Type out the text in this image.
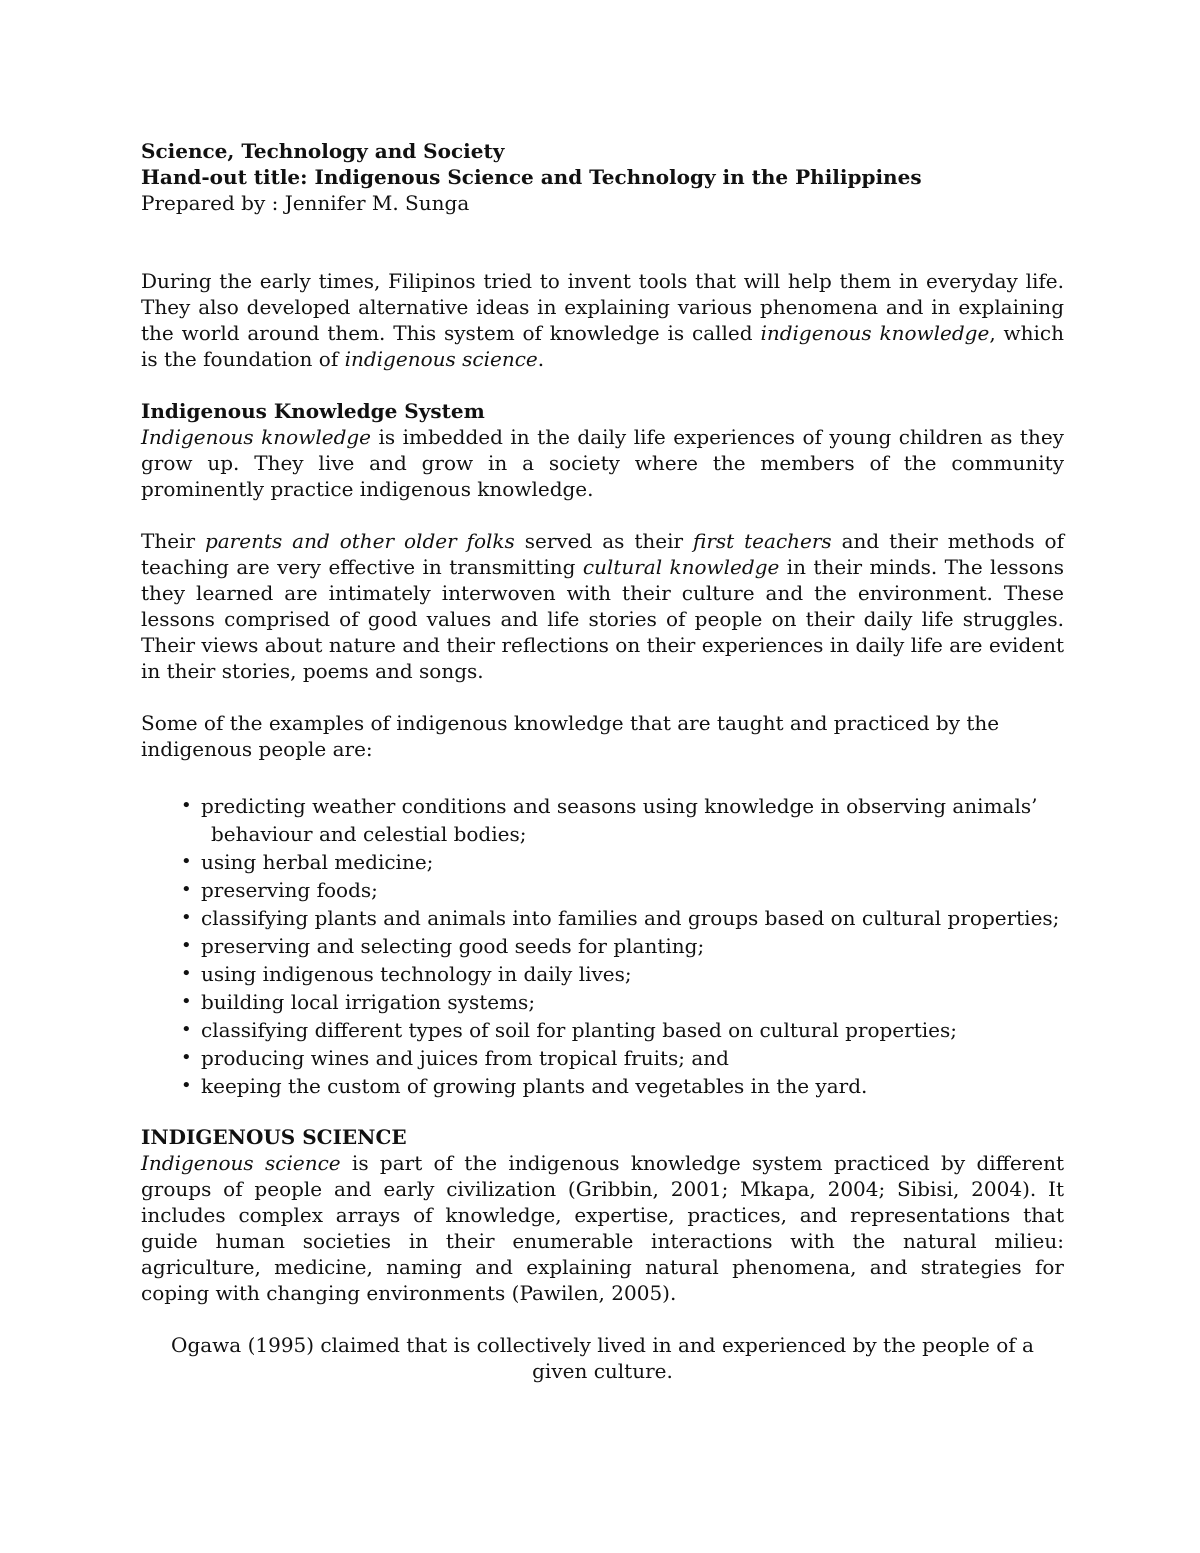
Science, Technology and Society
Hand-out title: Indigenous Science and Technology in the Philippines
Prepared by : Jennifer M. Sunga

During the early times, Filipinos tried to invent tools that will help them in everyday life. They also developed alternative ideas in explaining various phenomena and in explaining the world around them. This system of knowledge is called indigenous knowledge, which is the foundation of indigenous science.

Indigenous Knowledge System

Indigenous knowledge is imbedded in the daily life experiences of young children as they grow up. They live and grow in a society where the members of the community prominently practice indigenous knowledge.

Their parents and other older folks served as their first teachers and their methods of teaching are very effective in transmitting cultural knowledge in their minds. The lessons they learned are intimately interwoven with their culture and the environment. These lessons comprised of good values and life stories of people on their daily life struggles. Their views about nature and their reflections on their experiences in daily life are evident in their stories, poems and songs.

Some of the examples of indigenous knowledge that are taught and practiced by the indigenous people are:

• predicting weather conditions and seasons using knowledge in observing animals’
behaviour and celestial bodies;
• using herbal medicine;
• preserving foods;
• classifying plants and animals into families and groups based on cultural properties;
• preserving and selecting good seeds for planting;
• using indigenous technology in daily lives;
• building local irrigation systems;
• classifying different types of soil for planting based on cultural properties;
• producing wines and juices from tropical fruits; and
• keeping the custom of growing plants and vegetables in the yard.
INDIGENOUS SCIENCE

Indigenous science is part of the indigenous knowledge system practiced by different groups of people and early civilization (Gribbin, 2001; Mkapa, 2004; Sibisi, 2004). It includes complex arrays of knowledge, expertise, practices, and representations that guide human societies in their enumerable interactions with the natural milieu: agriculture, medicine, naming and explaining natural phenomena, and strategies for coping with changing environments (Pawilen, 2005).

Ogawa (1995) claimed that is collectively lived in and experienced by the people of a given culture.
